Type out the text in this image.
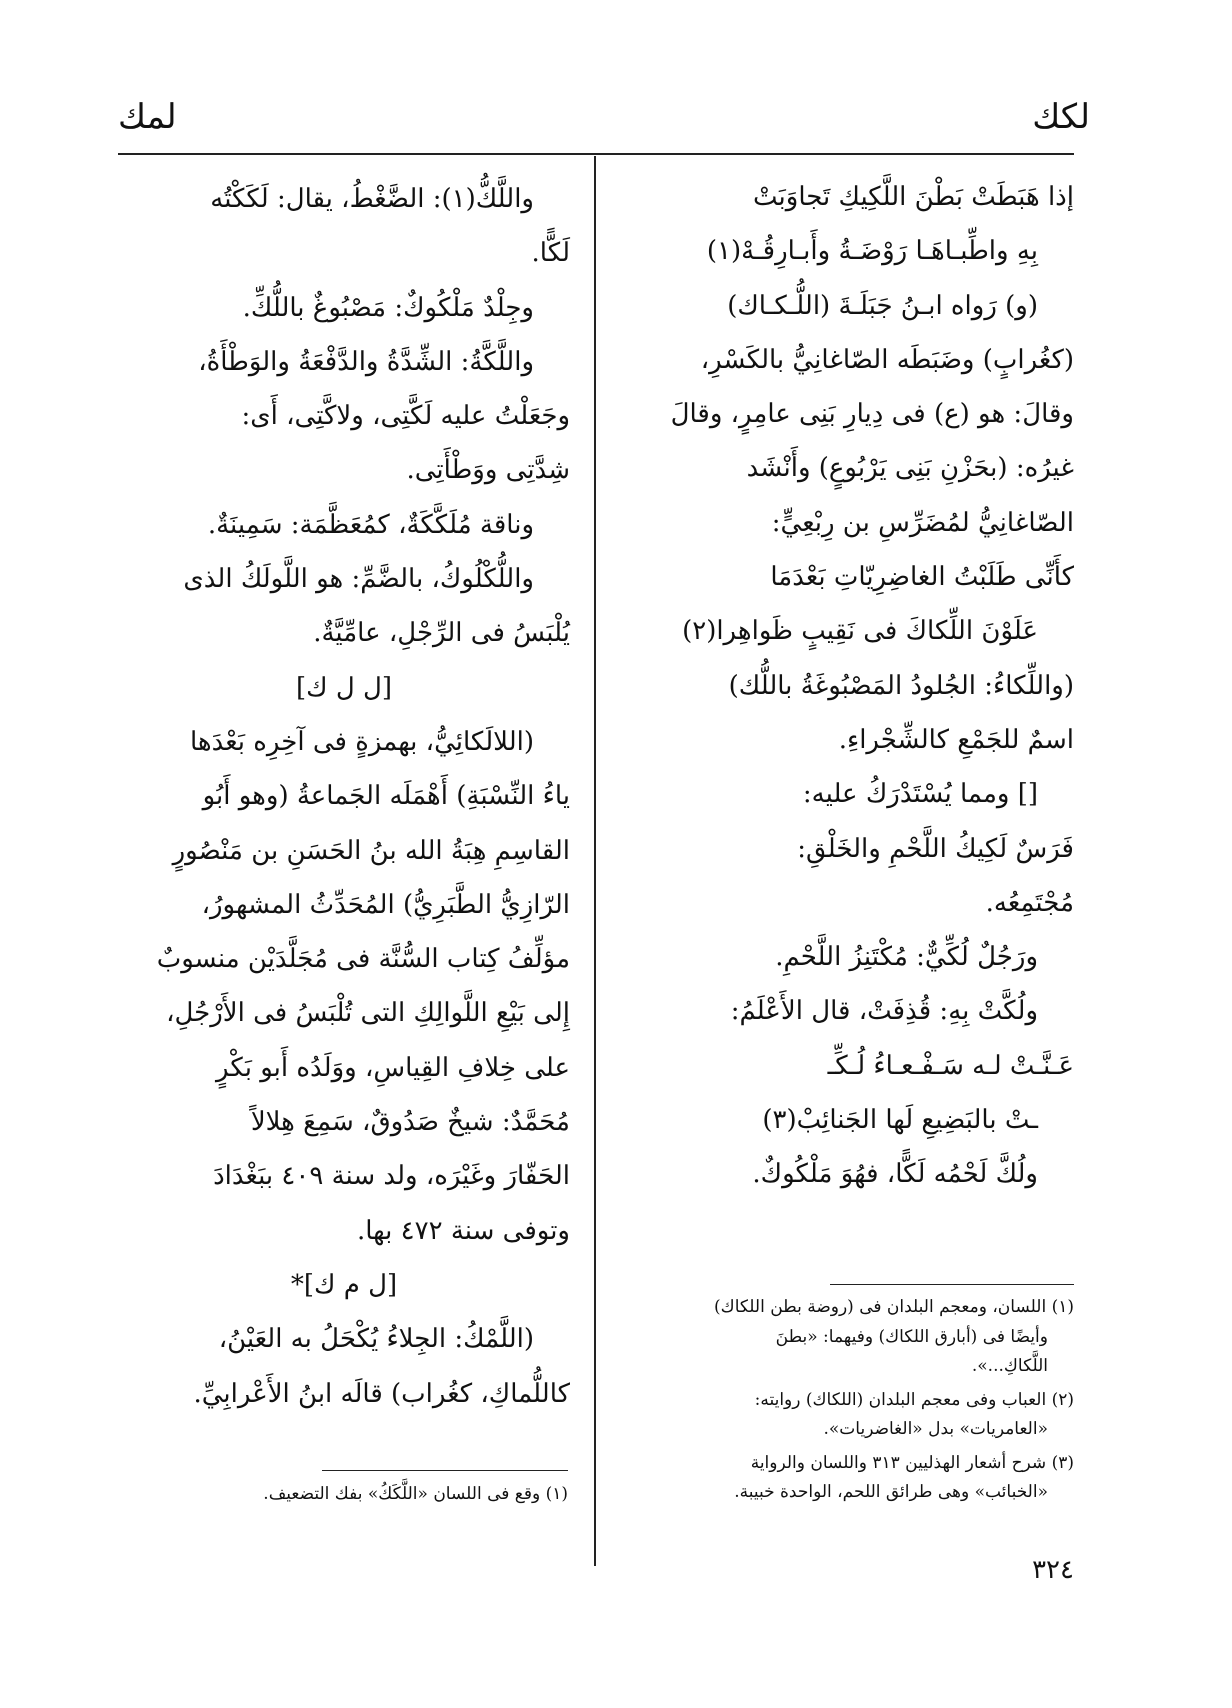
لكك
لمك

إذا هَبَطَتْ بَطْنَ اللَّكِيكِ تَجاوَبَتْ

بِهِ واطِّبـاهَـا رَوْضَـةُ وأَبـارِقُـهْ(١)

(و) رَواه ابـنُ جَبَلَـةَ (اللُّـكـاك)

(كغُرابٍ) وضَبَطَه الصّاغانِيُّ بالكَسْرِ،

وقالَ: هو (ع) فى دِيارِ بَنِى عامِرٍ، وقالَ

غيرُه: (بحَزْنِ بَنِى يَرْبُوعٍ) وأَنْشَد

الصّاغانِيُّ لمُضَرِّسِ بن رِبْعِيٍّ:

كأَنِّى طَلَبْتُ الغاضِرِيّاتِ بَعْدَمَا

عَلَوْنَ اللِّكاكَ فى نَقِيبٍ ظَواهِرا(٢)

(واللِّكاءُ: الجُلودُ المَصْبُوغَةُ باللُّك)

اسمٌ للجَمْعِ كالشِّجْراءِ.

[] ومما يُسْتَدْرَكُ عليه:

فَرَسٌ لَكِيكُ اللَّحْمِ والخَلْقِ:

مُجْتَمِعُه.

ورَجُلٌ لُكِّيٌّ: مُكْتَنِزُ اللَّحْمِ.

ولُكَّتْ بِهِ: قُذِفَتْ، قال الأَعْلَمُ:

عَـنَّـتْ لـه سَـفْـعـاءُ لُـكِّـ

ـتْ بالبَضِيعِ لَها الجَنائِبْ(٣)

ولُكَّ لَحْمُه لَكًّا، فهُوَ مَلْكُوكٌ.

واللَّكُّ(١): الضَّغْطُ، يقال: لَكَكْتُه

لَكًّا.

وجِلْدٌ مَلْكُوكٌ: مَصْبُوغٌ باللُّكِّ.

واللَّكَّةُ: الشِّدَّةُ والدَّفْعَةُ والوَطْأَةُ،

وجَعَلْتُ عليه لَكَّتِى، ولاكَّتِى، أَى:

شِدَّتِى ووَطْأَتِى.

وناقة مُلَكَّكَةٌ، كمُعَظَّمَة: سَمِينَةٌ.

واللُّكْلُوكُ، بالضَّمِّ: هو اللَّولَكُ الذى

يُلْبَسُ فى الرِّجْلِ، عامِّيَّةٌ.

[ل ل ك]

(اللالَكائِيُّ، بهمزةٍ فى آخِرِه بَعْدَها

ياءُ النِّسْبَةِ) أَهْمَلَه الجَماعةُ (وهو أَبُو

القاسِمِ هِبَةُ الله بنُ الحَسَنِ بن مَنْصُورٍ

الرّازِيُّ الطَّبَرِيُّ) المُحَدِّثُ المشهورُ،

مؤلِّفُ كِتاب السُّنَّة فى مُجَلَّدَيْن منسوبٌ

إِلى بَيْعِ اللَّوالِكِ التى تُلْبَسُ فى الأَرْجُلِ،

على خِلافِ القِياسِ، ووَلَدُه أَبو بَكْرٍ

مُحَمَّدٌ: شيخٌ صَدُوقٌ، سَمِعَ هِلالاً

الحَفّارَ وغَيْرَه، ولد سنة ٤٠٩ ببَغْدَادَ

وتوفى سنة ٤٧٢ بها.

[ل م ك]*

(اللَّمْكُ: الجِلاءُ يُكْحَلُ به العَيْنُ،

كاللُّماكِ، كغُراب) قالَه ابنُ الأَعْرابِيِّ.

(١) اللسان، ومعجم البلدان فى (روضة بطن اللكاك)

وأيضًا فى (أبارق اللكاك) وفيهما: «بطنَ

اللَّكاكِ...».

(٢) العباب وفى معجم البلدان (اللكاك) روايته:

«العامريات» بدل «الغاضريات».

(٣) شرح أشعار الهذليين ٣١٣ واللسان والرواية

«الخبائب» وهى طرائق اللحم، الواحدة خبيبة.

(١) وقع فى اللسان «اللَّكَكُ» بفك التضعيف.

٣٢٤
